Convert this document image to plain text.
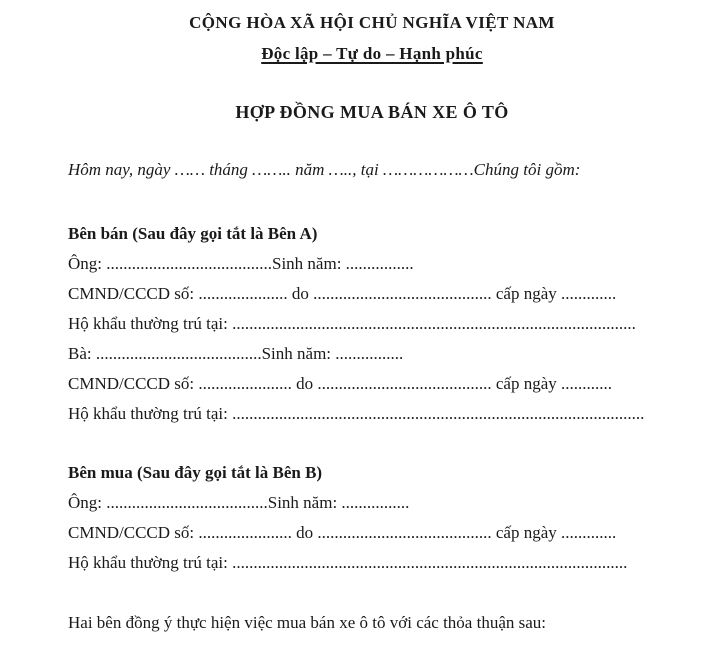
CỘNG HÒA XÃ HỘI CHỦ NGHĨA VIỆT NAM
Độc lập – Tự do – Hạnh phúc
HỢP ĐỒNG MUA BÁN XE Ô TÔ
Hôm nay, ngày …… tháng …….. năm ….., tại ………………Chúng tôi gồm:
Bên bán (Sau đây gọi tắt là Bên A)
Ông: .......................................Sinh năm: ................
CMND/CCCD số: ..................... do .......................................... cấp ngày .............
Hộ khẩu thường trú tại: ...............................................................................................
Bà: .......................................Sinh năm: ................
CMND/CCCD số: ...................... do ......................................... cấp ngày ............
Hộ khẩu thường trú tại: .................................................................................................
Bên mua (Sau đây gọi tắt là Bên B)
Ông: ......................................Sinh năm: ................
CMND/CCCD số: ...................... do ......................................... cấp ngày .............
Hộ khẩu thường trú tại: .............................................................................................
Hai bên đồng ý thực hiện việc mua bán xe ô tô với các thỏa thuận sau:
